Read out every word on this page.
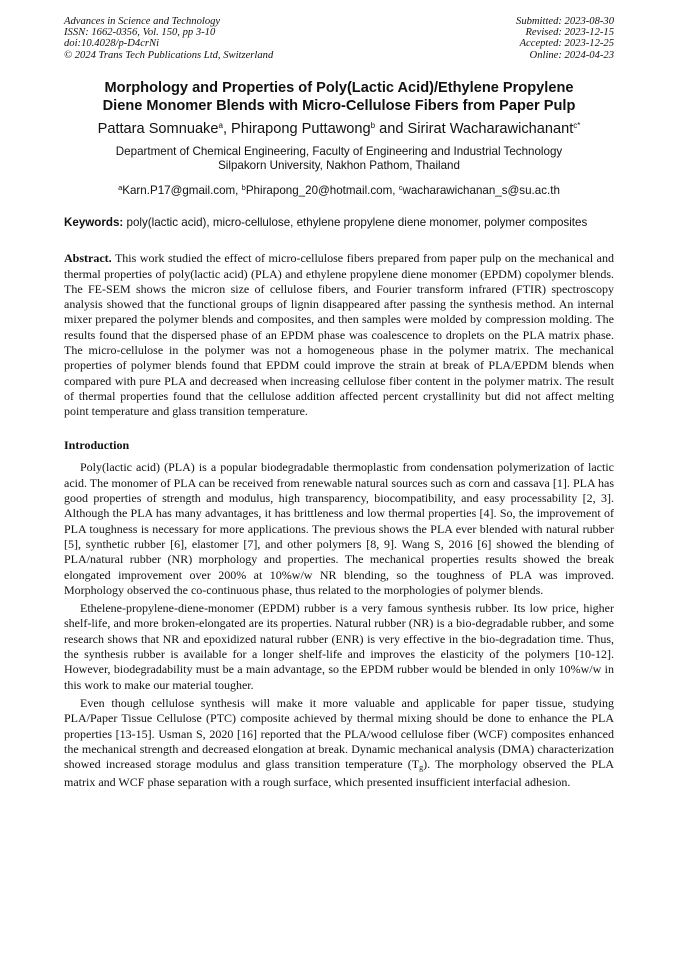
Advances in Science and Technology
ISSN: 1662-0356, Vol. 150, pp 3-10
doi:10.4028/p-D4crNi
© 2024 Trans Tech Publications Ltd, Switzerland
Submitted: 2023-08-30
Revised: 2023-12-15
Accepted: 2023-12-25
Online: 2024-04-23
Morphology and Properties of Poly(Lactic Acid)/Ethylene Propylene
Diene Monomer Blends with Micro-Cellulose Fibers from Paper Pulp
Pattara Somnuake$^a$, Phirapong Puttawong$^b$ and Sirirat Wacharawichanant$^{c*}$
Department of Chemical Engineering, Faculty of Engineering and Industrial Technology
Silpakorn University, Nakhon Pathom, Thailand
$^a$Karn.P17@gmail.com, $^b$Phirapong_20@hotmail.com, $^c$wacharawichanan_s@su.ac.th
Keywords: poly(lactic acid), micro-cellulose, ethylene propylene diene monomer, polymer composites
Abstract. This work studied the effect of micro-cellulose fibers prepared from paper pulp on the mechanical and thermal properties of poly(lactic acid) (PLA) and ethylene propylene diene monomer (EPDM) copolymer blends. The FE-SEM shows the micron size of cellulose fibers, and Fourier transform infrared (FTIR) spectroscopy analysis showed that the functional groups of lignin disappeared after passing the synthesis method. An internal mixer prepared the polymer blends and composites, and then samples were molded by compression molding. The results found that the dispersed phase of an EPDM phase was coalescence to droplets on the PLA matrix phase. The micro-cellulose in the polymer was not a homogeneous phase in the polymer matrix. The mechanical properties of polymer blends found that EPDM could improve the strain at break of PLA/EPDM blends when compared with pure PLA and decreased when increasing cellulose fiber content in the polymer matrix. The result of thermal properties found that the cellulose addition affected percent crystallinity but did not affect melting point temperature and glass transition temperature.
Introduction
Poly(lactic acid) (PLA) is a popular biodegradable thermoplastic from condensation polymerization of lactic acid. The monomer of PLA can be received from renewable natural sources such as corn and cassava [1]. PLA has good properties of strength and modulus, high transparency, biocompatibility, and easy processability [2, 3]. Although the PLA has many advantages, it has brittleness and low thermal properties [4]. So, the improvement of PLA toughness is necessary for more applications. The previous shows the PLA ever blended with natural rubber [5], synthetic rubber [6], elastomer [7], and other polymers [8, 9]. Wang S, 2016 [6] showed the blending of PLA/natural rubber (NR) morphology and properties. The mechanical properties results showed the break elongated improvement over 200% at 10%w/w NR blending, so the toughness of PLA was improved. Morphology observed the co-continuous phase, thus related to the morphologies of polymer blends.
Ethelene-propylene-diene-monomer (EPDM) rubber is a very famous synthesis rubber. Its low price, higher shelf-life, and more broken-elongated are its properties. Natural rubber (NR) is a bio-degradable rubber, and some research shows that NR and epoxidized natural rubber (ENR) is very effective in the bio-degradation time. Thus, the synthesis rubber is available for a longer shelf-life and improves the elasticity of the polymers [10-12]. However, biodegradability must be a main advantage, so the EPDM rubber would be blended in only 10%w/w in this work to make our material tougher.
Even though cellulose synthesis will make it more valuable and applicable for paper tissue, studying PLA/Paper Tissue Cellulose (PTC) composite achieved by thermal mixing should be done to enhance the PLA properties [13-15]. Usman S, 2020 [16] reported that the PLA/wood cellulose fiber (WCF) composites enhanced the mechanical strength and decreased elongation at break. Dynamic mechanical analysis (DMA) characterization showed increased storage modulus and glass transition temperature $(T_g)$. The morphology observed the PLA matrix and WCF phase separation with a rough surface, which presented insufficient interfacial adhesion.
